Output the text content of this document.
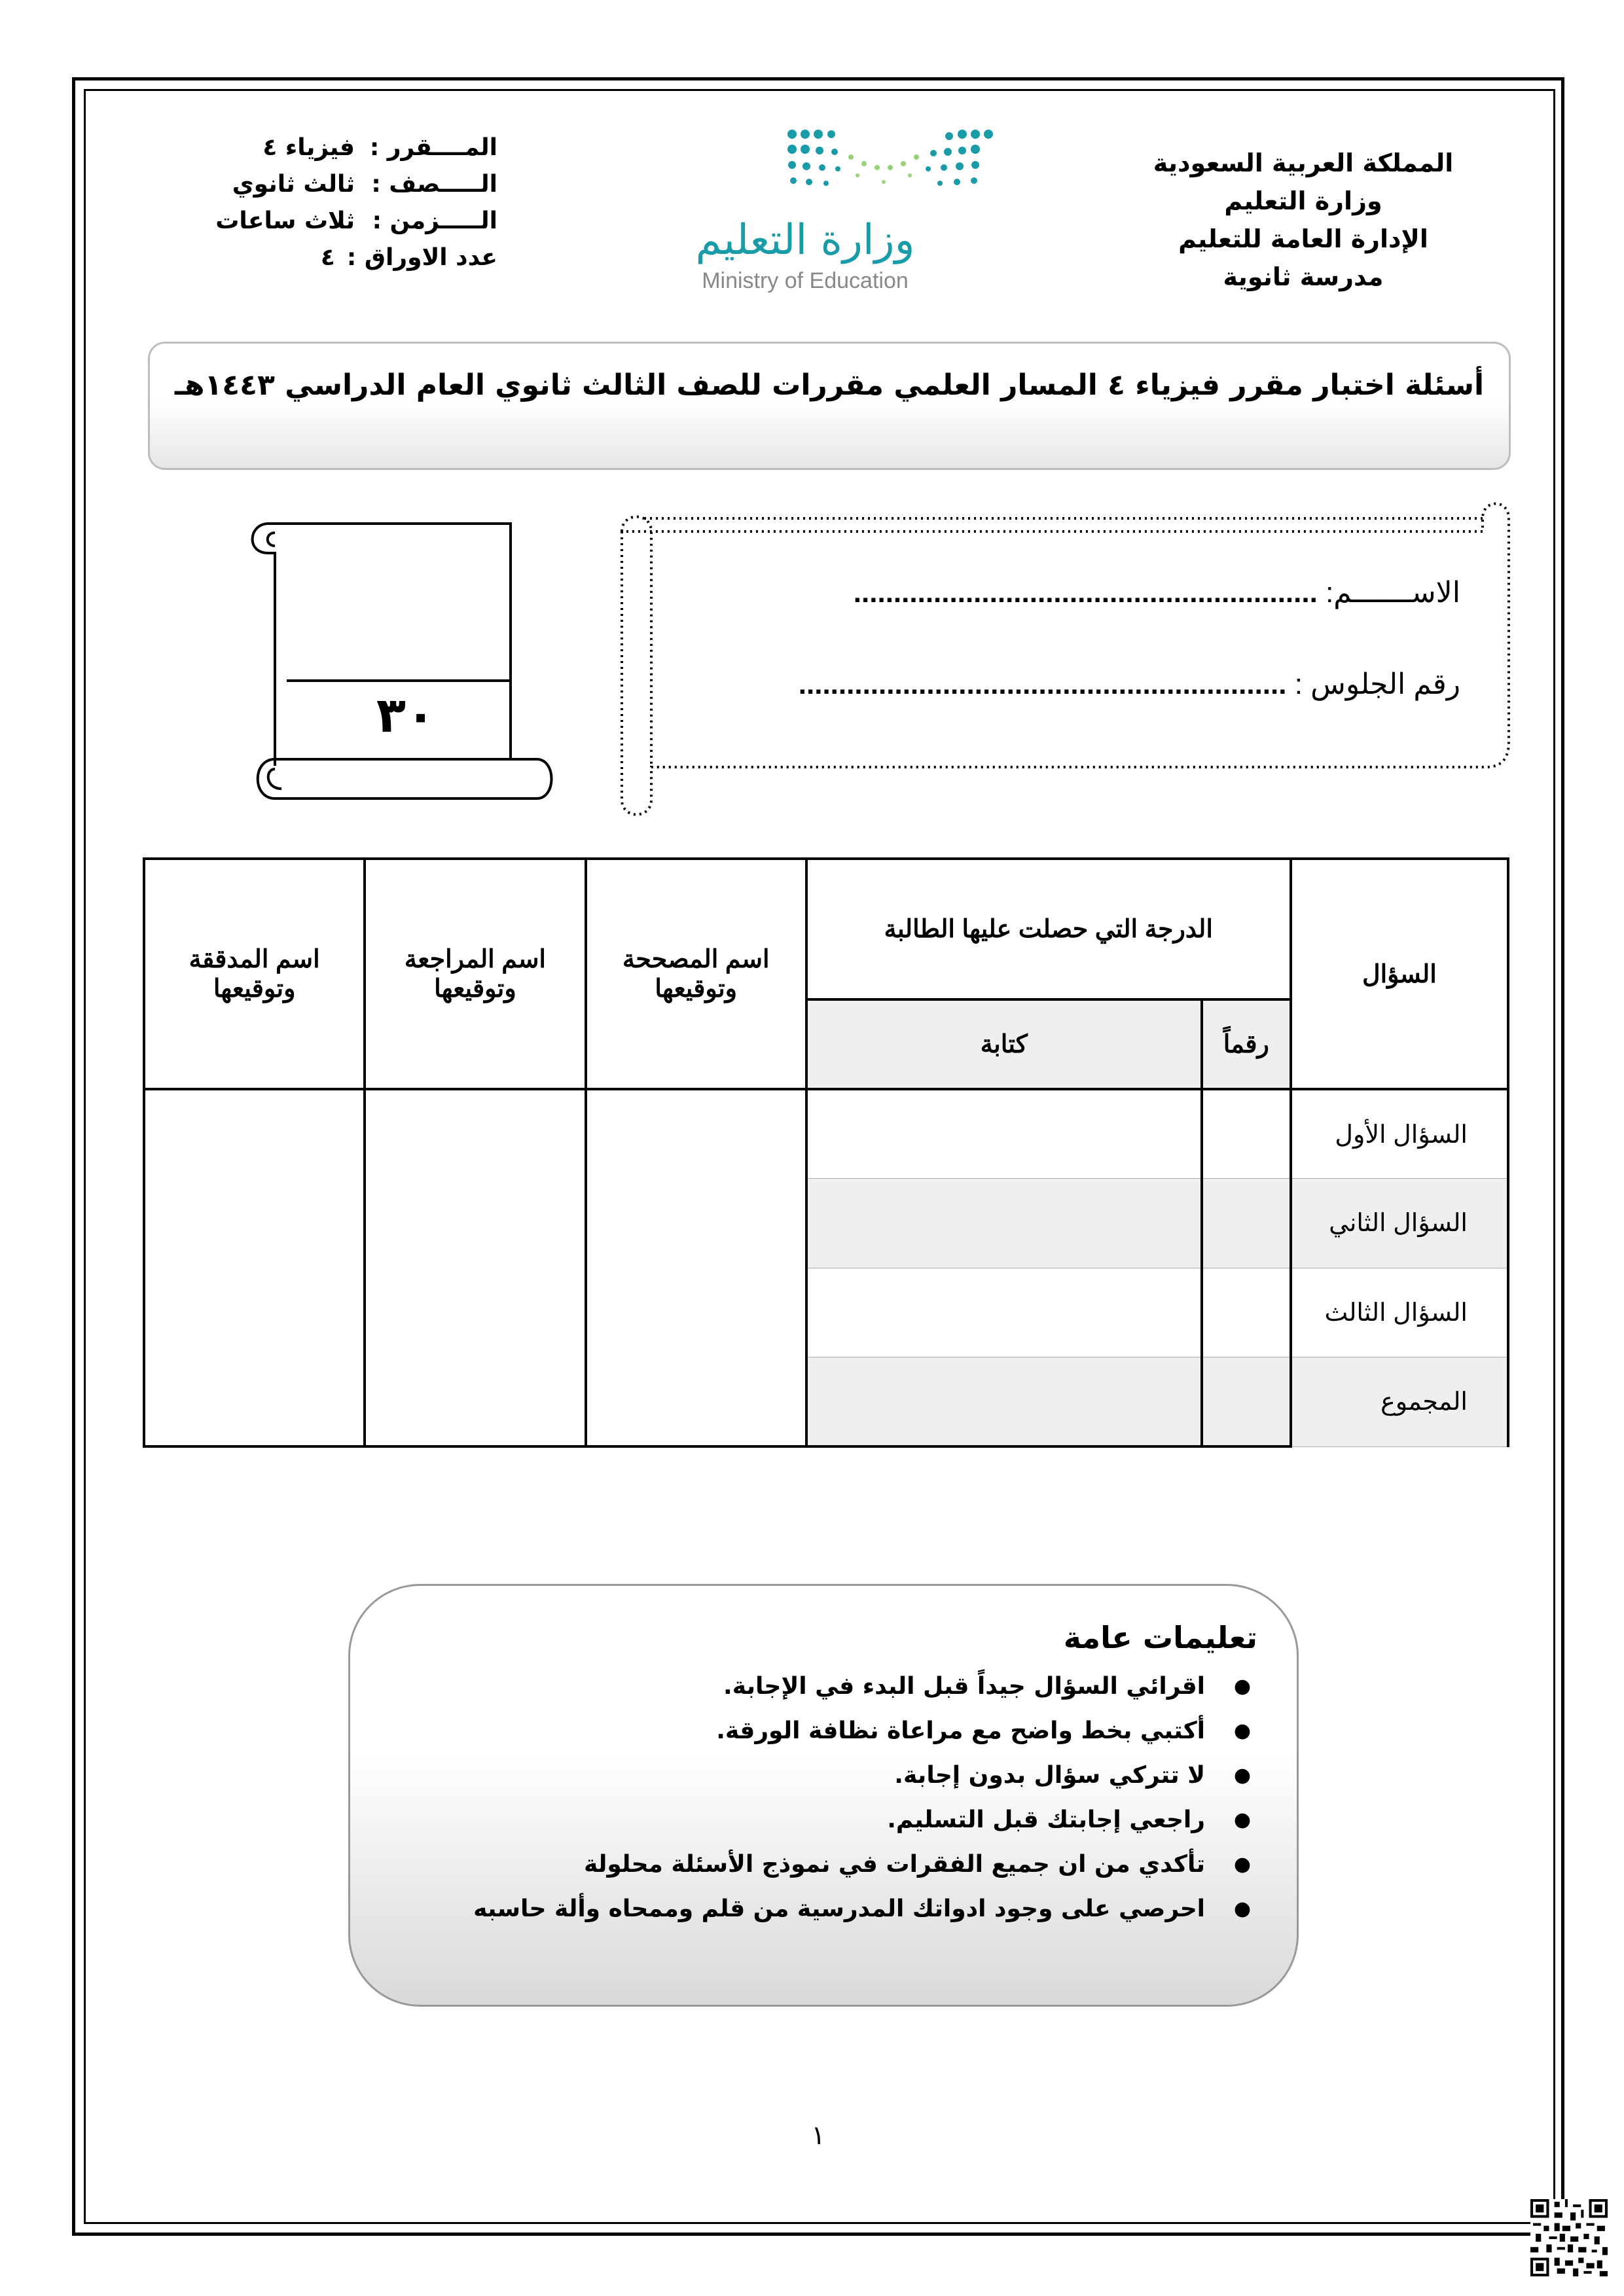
المملكة العربية السعودية
وزارة التعليم
الإدارة العامة للتعليم
مدرسة ثانوية
المــــقرر :
فيزياء ٤
الـــــصف :
ثالث ثانوي
الـــــزمن :
ثلاث ساعات
عدد الاوراق :
٤	وزارة التعليم
Ministry of Education
أسئلة اختبار مقرر فيزياء ٤ المسار العلمي مقررات للصف الثالث ثانوي العام الدراسي ١٤٤٣هـ
٣٠
الاســـــــم: ..........................................................
رقم الجلوس : .............................................................
السؤال	الدرجة التي حصلت عليها الطالبة		اسم المصححة وتوقيعها	اسم المراجعة وتوقيعها	اسم المدققة وتوقيعها
	رقماً	كتابة			
السؤال الأول					
السؤال الثاني					
السؤال الثالث					
المجموع					
تعليمات عامة
●
اقرائي السؤال جيداً قبل البدء في الإجابة.
●
أكتبي بخط واضح مع مراعاة نظافة الورقة.
●
لا تتركي سؤال بدون إجابة.
●
راجعي إجابتك قبل التسليم.
●
تأكدي من ان جميع الفقرات في نموذج الأسئلة محلولة
●
احرصي على وجود ادواتك المدرسية من قلم وممحاه وألة حاسبه
١
